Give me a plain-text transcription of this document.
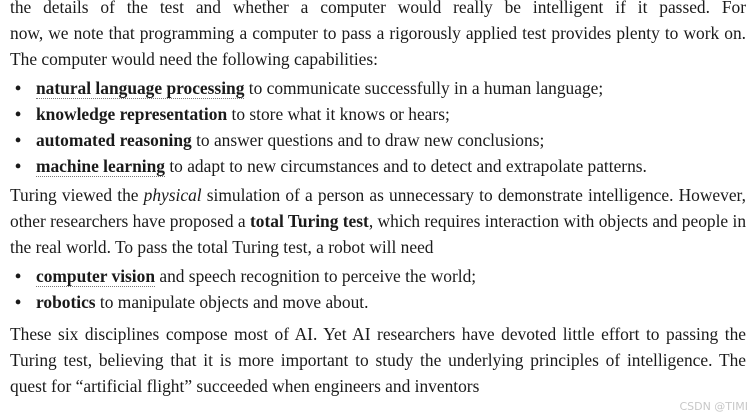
the details of the test and whether a computer would really be intelligent if it passed. For

now, we note that programming a computer to pass a rigorously applied test provides plenty to work on. The computer would need the following capabilities:

• natural language processing to communicate successfully in a human language;
• knowledge representation to store what it knows or hears;
• automated reasoning to answer questions and to draw new conclusions;
• machine learning to adapt to new circumstances and to detect and extrapolate patterns.

Turing viewed the physical simulation of a person as unnecessary to demonstrate intelligence. However, other researchers have proposed a total Turing test, which requires interaction with objects and people in the real world. To pass the total Turing test, a robot will need

• computer vision and speech recognition to perceive the world;
• robotics to manipulate objects and move about.

These six disciplines compose most of AI. Yet AI researchers have devoted little effort to passing the Turing test, believing that it is more important to study the underlying principles of intelligence. The quest for “artificial flight” succeeded when engineers and inventors

CSDN @TIMI
